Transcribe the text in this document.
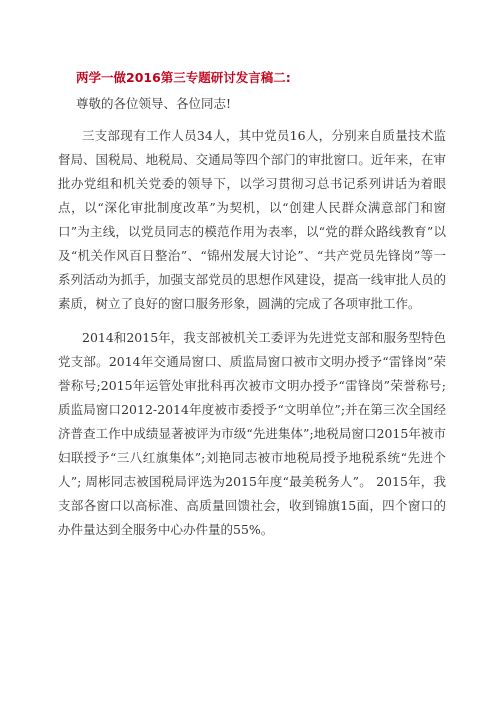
两学一做2016第三专题研讨发言稿二:
尊敬的各位领导、各位同志!

三支部现有工作人员34人，其中党员16人，分别来自质量技术监督局、国税局、地税局、交通局等四个部门的审批窗口。近年来，在审批办党组和机关党委的领导下，以学习贯彻习总书记系列讲话为着眼点，以“深化审批制度改革”为契机，以“创建人民群众满意部门和窗口”为主线，以党员同志的模范作用为表率，以“党的群众路线教育”以及“机关作风百日整治”、“锦州发展大讨论”、“共产党员先锋岗”等一系列活动为抓手，加强支部党员的思想作风建设，提高一线审批人员的素质，树立了良好的窗口服务形象，圆满的完成了各项审批工作。

2014和2015年，我支部被机关工委评为先进党支部和服务型特色党支部。2014年交通局窗口、质监局窗口被市文明办授予“雷锋岗”荣誉称号;2015年运管处审批科再次被市文明办授予“雷锋岗”荣誉称号;质监局窗口2012-2014年度被市委授予“文明单位”;并在第三次全国经济普查工作中成绩显著被评为市级“先进集体”;地税局窗口2015年被市妇联授予“三八红旗集体”;刘艳同志被市地税局授予地税系统“先进个人”; 周彬同志被国税局评选为2015年度“最美税务人”。 2015年，我支部各窗口以高标准、高质量回馈社会，收到锦旗15面，四个窗口的办件量达到全服务中心办件量的55%。
